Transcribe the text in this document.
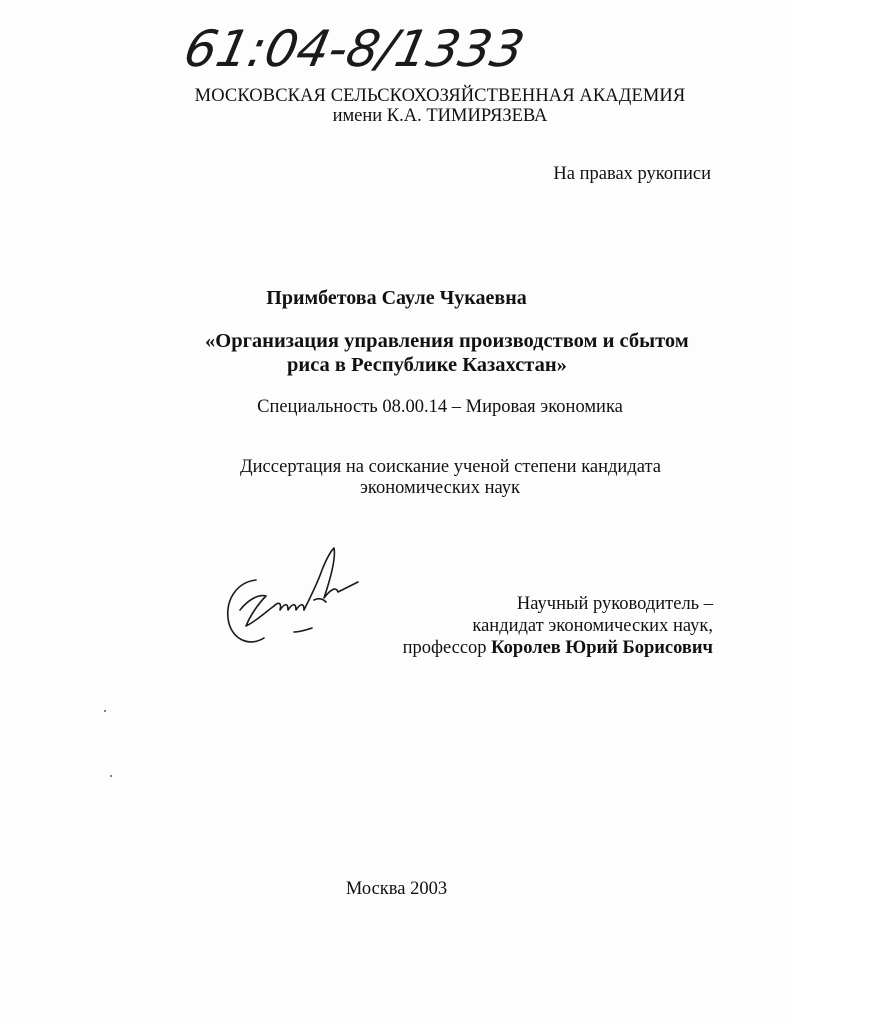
61:04-8/1333

МОСКОВСКАЯ СЕЛЬСКОХОЗЯЙСТВЕННАЯ АКАДЕМИЯ

имени К.А. ТИМИРЯЗЕВА

На правах рукописи

Примбетова Сауле Чукаевна

«Организация управления производством и сбытом

риса в Республике Казахстан»

Специальность 08.00.14 – Мировая экономика

Диссертация на соискание ученой степени кандидата

экономических наук

Научный руководитель –

кандидат экономических наук,

профессор Королев Юрий Борисович

Москва 2003
